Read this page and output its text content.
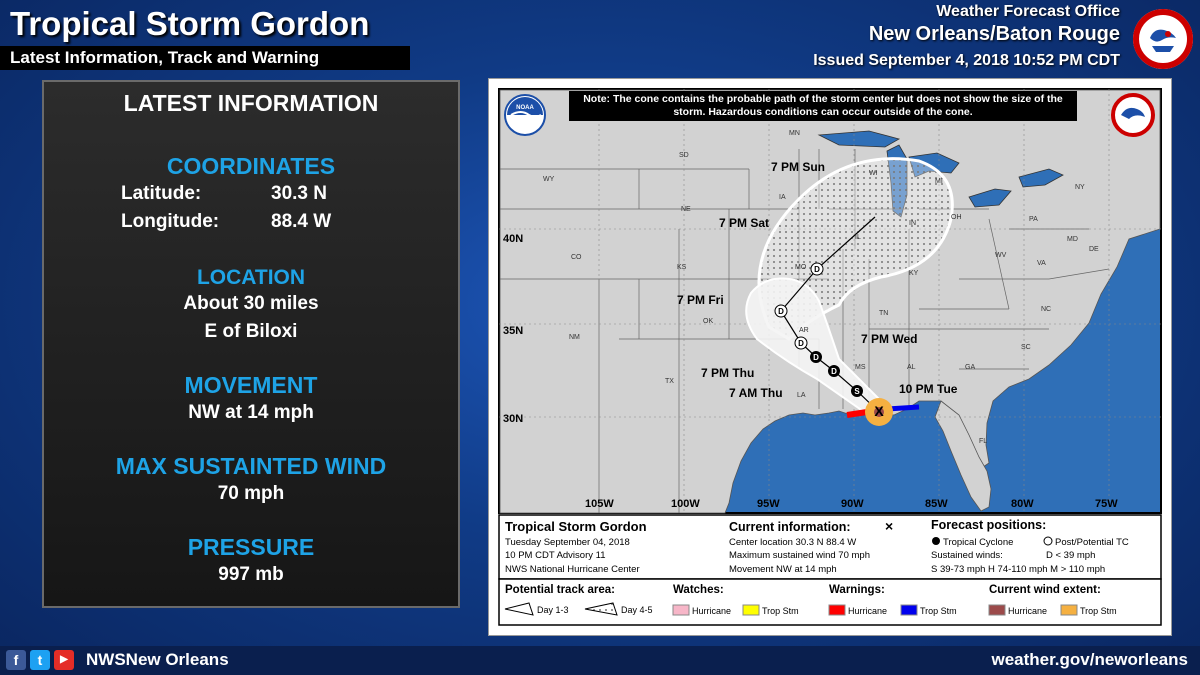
Tropical Storm Gordon
Latest Information, Track and Warning
Weather Forecast Office
New Orleans/Baton Rouge
Issued September 4, 2018 10:52 PM CDT
LATEST INFORMATION
COORDINATES
Latitude:	30.3 N
Longitude:	88.4 W
LOCATION
About 30 miles
E of Biloxi
MOVEMENT
NW at 14 mph
MAX SUSTAINTED WIND
70 mph
PRESSURE
997 mb
X
S
D
D
D
D
D
10 PM Tue
7 PM Wed
7 AM Thu
7 PM Thu
7 PM Fri
7 PM Sat
7 PM Sun
WY
SD
NE
IA
CO
KS	MO
IL
IN
OH
OK
AR
TN
KY
WV
VA
NC
SC
GA
AL
MS
LA
TX
FL
NM
MN
WI
MI
PA
NY
MD
DE
40N
35N
30N
105W	100W	95W	90W	85W	80W	75W
NOAA
Note: The cone contains the probable path of the storm center but does not show the size of the storm. Hazardous conditions can occur outside of the cone.
Tropical Storm Gordon
Tuesday September 04, 2018
10 PM CDT Advisory 11
NWS National Hurricane Center
Current information: ×
Center location 30.3 N 88.4 W
Maximum sustained wind 70 mph
Movement NW at 14 mph
Forecast positions:
Tropical Cyclone	Post/Potential TC
Sustained winds:	D < 39 mph
S 39-73 mph H 74-110 mph M > 110 mph
Potential track area:
Day 1-3	Day 4-5
Watches:
Hurricane	Trop Stm
Warnings:
Hurricane	Trop Stm
Current wind extent:
Hurricane	Trop Stm
f	t	▶	NWSNew Orleans	weather.gov/neworleans
